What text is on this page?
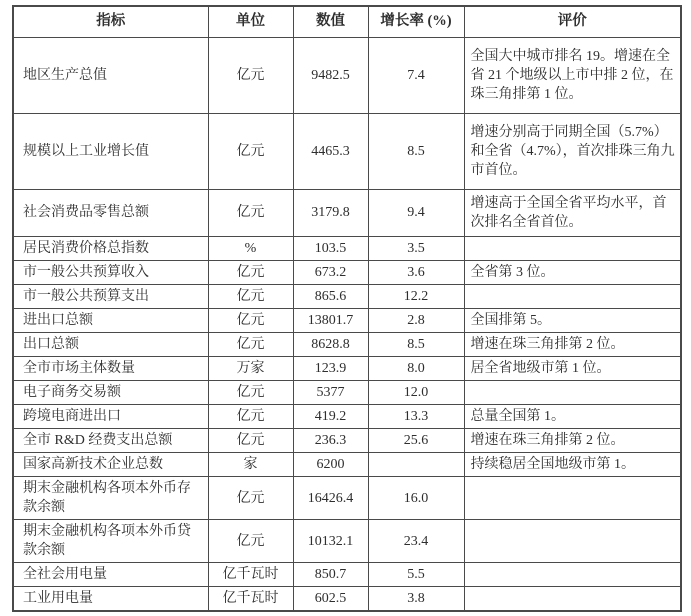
指标	单位	数值	增长率 (%)	评价
地区生产总值	亿元	9482.5	7.4	全国大中城市排名 19。增速在全省 21 个地级以上市中排 2 位，在珠三角排第 1 位。
规模以上工业增长值	亿元	4465.3	8.5	增速分别高于同期全国（5.7%）和全省（4.7%），首次排珠三角九市首位。
社会消费品零售总额	亿元	3179.8	9.4	增速高于全国全省平均水平，首次排名全省首位。
居民消费价格总指数	%	103.5	3.5	
市一般公共预算收入	亿元	673.2	3.6	全省第 3 位。
市一般公共预算支出	亿元	865.6	12.2	
进出口总额	亿元	13801.7	2.8	全国排第 5。
出口总额	亿元	8628.8	8.5	增速在珠三角排第 2 位。
全市市场主体数量	万家	123.9	8.0	居全省地级市第 1 位。
电子商务交易额	亿元	5377	12.0	
跨境电商进出口	亿元	419.2	13.3	总量全国第 1。
全市 R&D 经费支出总额	亿元	236.3	25.6	增速在珠三角排第 2 位。
国家高新技术企业总数	家	6200		持续稳居全国地级市第 1。
期末金融机构各项本外币存款余额	亿元	16426.4	16.0	
期末金融机构各项本外币贷款余额	亿元	10132.1	23.4	
全社会用电量	亿千瓦时	850.7	5.5	
工业用电量	亿千瓦时	602.5	3.8	
